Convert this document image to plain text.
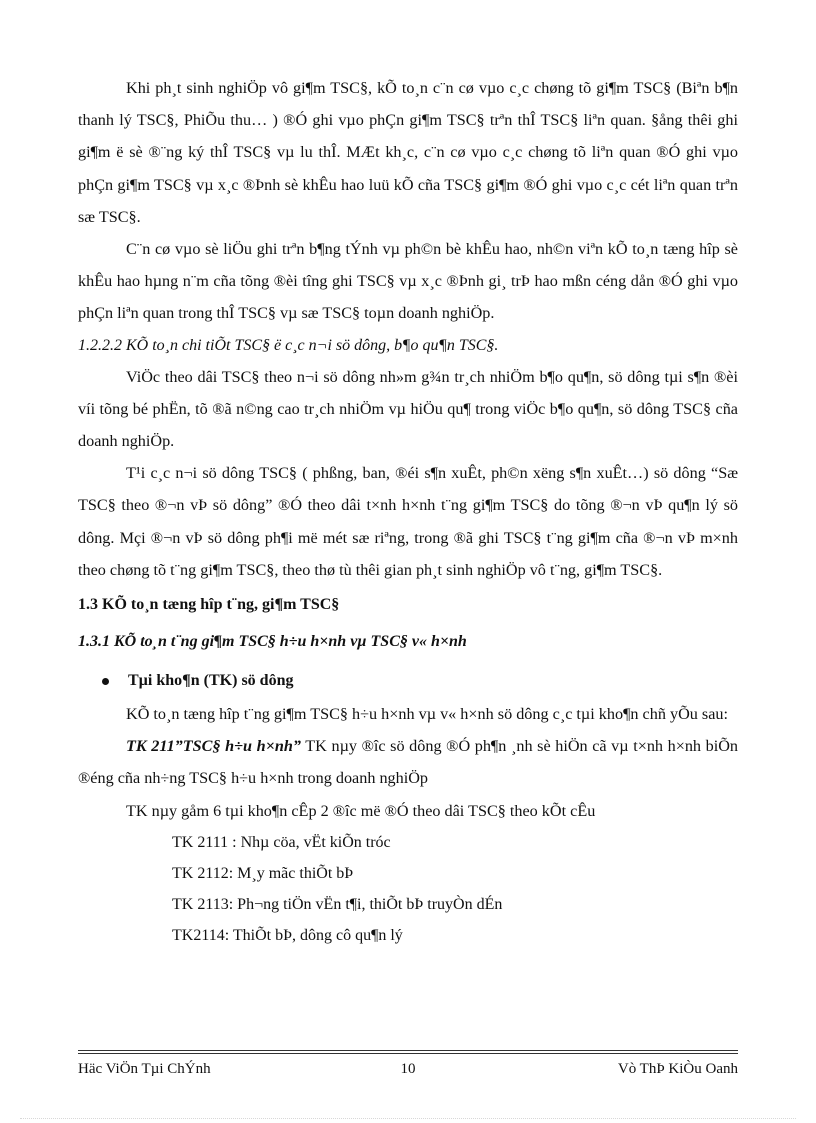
Khi ph¸t sinh nghiÖp vô gi¶m TSC§, kÕ to¸n c¨n cø vµo c¸c chøng tõ gi¶m TSC§ (Biªn b¶n thanh lý TSC§, PhiÕu thu… ) ®Ó ghi vµo phÇn gi¶m TSC§ trªn thÎ TSC§ liªn quan. §ång thêi ghi gi¶m ë sè ®¨ng ký thÎ TSC§ vµ lu thÎ. MÆt kh¸c, c¨n cø vµo c¸c chøng tõ liªn quan ®Ó ghi vµo phÇn gi¶m TSC§ vµ x¸c ®Þnh sè khÊu hao luü kÕ cña TSC§ gi¶m ®Ó ghi vµo c¸c cét liªn quan trªn sæ TSC§.

C¨n cø vµo sè liÖu ghi trªn b¶ng tÝnh vµ ph©n bè khÊu hao, nh©n viªn kÕ to¸n tæng hîp sè khÊu hao hµng n¨m cña tõng ®èi tîng ghi TSC§ vµ x¸c ®Þnh gi¸ trÞ hao mßn céng dån ®Ó ghi vµo phÇn liªn quan trong thÎ TSC§ vµ sæ TSC§ toµn doanh nghiÖp.

1.2.2.2 KÕ to¸n chi tiÕt TSC§ ë c¸c n¬i sö dông, b¶o qu¶n TSC§.

ViÖc theo dâi TSC§ theo n¬i sö dông nh»m g¾n tr¸ch nhiÖm b¶o qu¶n, sö dông tµi s¶n ®èi víi tõng bé phËn, tõ ®ã n©ng cao tr¸ch nhiÖm vµ hiÖu qu¶ trong viÖc b¶o qu¶n, sö dông TSC§ cña doanh nghiÖp.

T¹i c¸c n¬i sö dông TSC§ ( phßng, ban, ®éi s¶n xuÊt, ph©n xëng s¶n xuÊt…) sö dông “Sæ TSC§ theo ®¬n vÞ sö dông” ®Ó theo dâi t×nh h×nh t¨ng gi¶m TSC§ do tõng ®¬n vÞ qu¶n lý sö dông. Mçi ®¬n vÞ sö dông ph¶i më mét sæ riªng, trong ®ã ghi TSC§ t¨ng gi¶m cña ®¬n vÞ m×nh theo chøng tõ t¨ng gi¶m TSC§, theo thø tù thêi gian ph¸t sinh nghiÖp vô t¨ng, gi¶m TSC§.

1.3 KÕ to¸n tæng hîp t¨ng, gi¶m TSC§

1.3.1 KÕ to¸n t¨ng gi¶m TSC§ h÷u h×nh vµ TSC§ v« h×nh

Tµi kho¶n (TK) sö dông

KÕ to¸n tæng hîp t¨ng gi¶m TSC§ h÷u h×nh vµ v« h×nh sö dông c¸c tµi kho¶n chñ yÕu sau:

TK 211”TSC§ h÷u h×nh” TK nµy ®îc sö dông ®Ó ph¶n ¸nh sè hiÖn cã vµ t×nh h×nh biÕn ®éng cña nh÷ng TSC§ h÷u h×nh trong doanh nghiÖp

TK nµy gåm 6 tµi kho¶n cÊp 2 ®îc më ®Ó theo dâi TSC§ theo kÕt cÊu

TK 2111 : Nhµ cöa, vËt kiÕn tróc

TK 2112: M¸y mãc thiÕt bÞ

TK 2113: Ph¬ng tiÖn vËn t¶i, thiÕt bÞ truyÒn dÉn

TK2114: ThiÕt bÞ, dông cô qu¶n lý

Häc ViÖn Tµi ChÝnh	10	Vò ThÞ KiÒu Oanh
